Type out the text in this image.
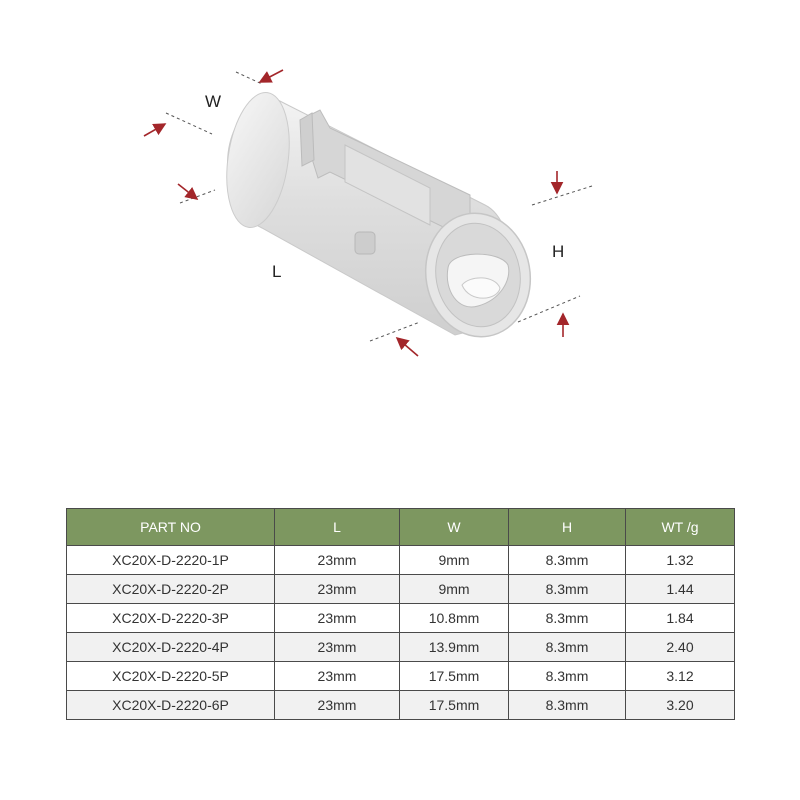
W
L
H
PART NO	L	W	H	WT /g
XC20X-D-2220-1P	23mm	9mm	8.3mm	1.32
XC20X-D-2220-2P	23mm	9mm	8.3mm	1.44
XC20X-D-2220-3P	23mm	10.8mm	8.3mm	1.84
XC20X-D-2220-4P	23mm	13.9mm	8.3mm	2.40
XC20X-D-2220-5P	23mm	17.5mm	8.3mm	3.12
XC20X-D-2220-6P	23mm	17.5mm	8.3mm	3.20
